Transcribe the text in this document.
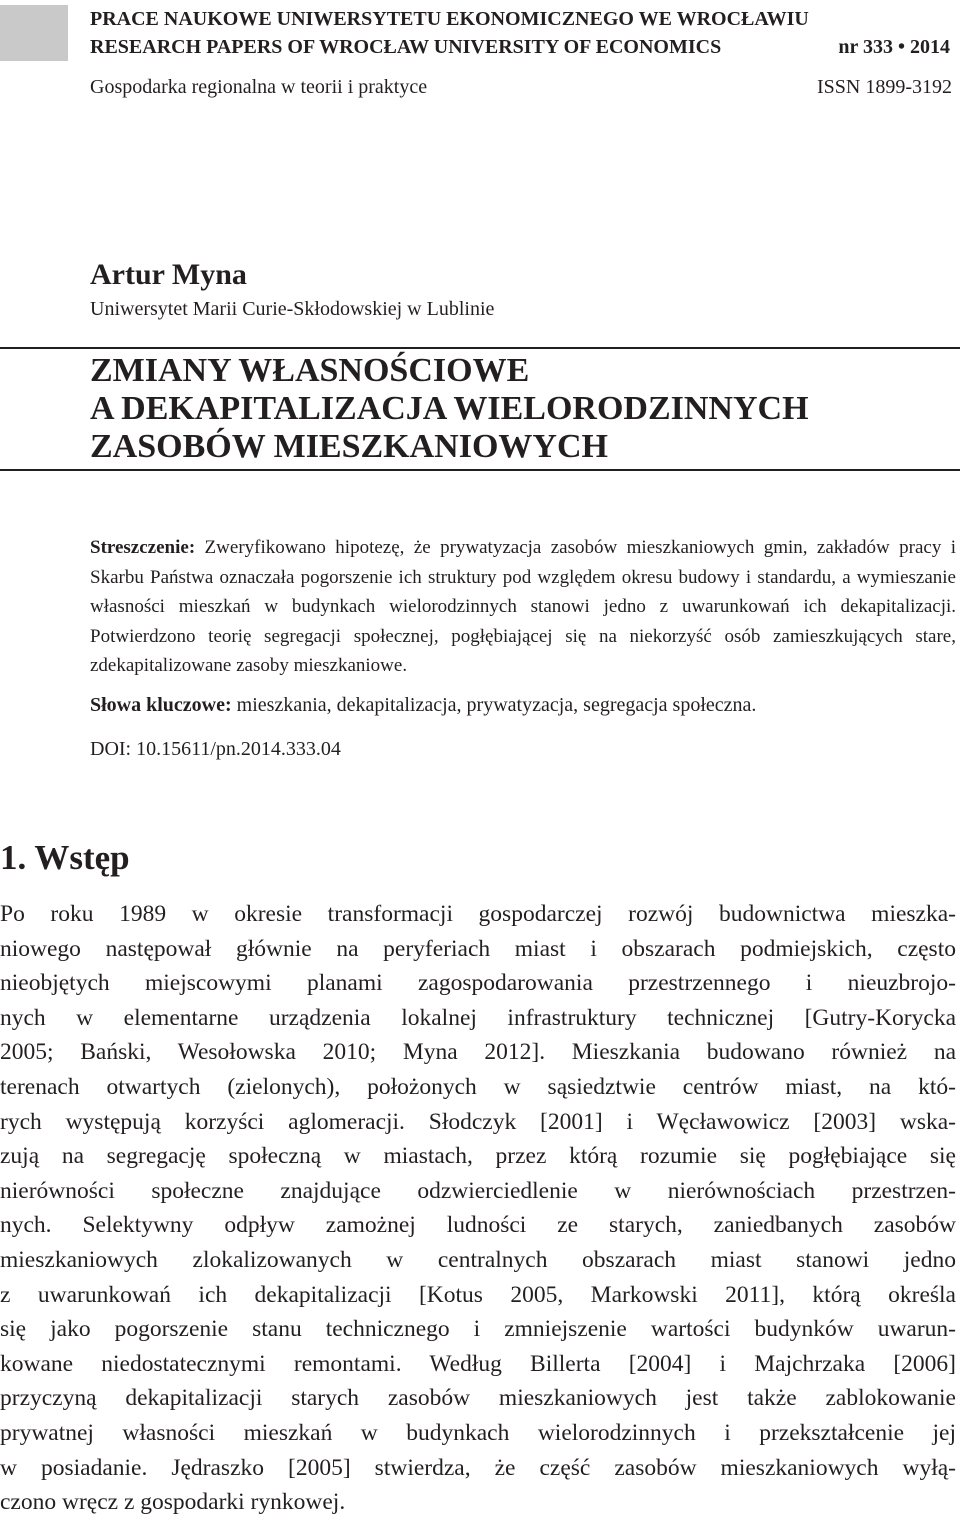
PRACE NAUKOWE UNIWERSYTETU EKONOMICZNEGO WE WROCŁAWIU
RESEARCH PAPERS OF WROCŁAW UNIVERSITY OF ECONOMICS	nr 333 • 2014
Gospodarka regionalna w teorii i praktyce	ISSN 1899-3192
Artur Myna
Uniwersytet Marii Curie-Skłodowskiej w Lublinie
ZMIANY WŁASNOŚCIOWE
A DEKAPITALIZACJA WIELORODZINNYCH
ZASOBÓW MIESZKANIOWYCH

Streszczenie: Zweryfikowano hipotezę, że prywatyzacja zasobów mieszkaniowych gmin, zakładów pracy i Skarbu Państwa oznaczała pogorszenie ich struktury pod względem okresu budowy i standardu, a wymieszanie własności mieszkań w budynkach wielorodzinnych stanowi jedno z uwarunkowań ich dekapitalizacji. Potwierdzono teorię segregacji społecznej, pogłębiającej się na niekorzyść osób zamieszkujących stare, zdekapitalizowane zasoby mieszkaniowe.

Słowa kluczowe: mieszkania, dekapitalizacja, prywatyzacja, segregacja społeczna.
DOI: 10.15611/pn.2014.333.04
1. Wstęp
Po roku 1989 w okresie transformacji gospodarczej rozwój budownictwa mieszka-
niowego następował głównie na peryferiach miast i obszarach podmiejskich, często
nieobjętych miejscowymi planami zagospodarowania przestrzennego i nieuzbrojo-
nych w elementarne urządzenia lokalnej infrastruktury technicznej [Gutry-Korycka
2005; Bański, Wesołowska 2010; Myna 2012]. Mieszkania budowano również na
terenach otwartych (zielonych), położonych w sąsiedztwie centrów miast, na któ-
rych występują korzyści aglomeracji. Słodczyk [2001] i Węcławowicz [2003] wska-
zują na segregację społeczną w miastach, przez którą rozumie się pogłębiające się
nierówności społeczne znajdujące odzwierciedlenie w nierównościach przestrzen-
nych. Selektywny odpływ zamożnej ludności ze starych, zaniedbanych zasobów
mieszkaniowych zlokalizowanych w centralnych obszarach miast stanowi jedno
z uwarunkowań ich dekapitalizacji [Kotus 2005, Markowski 2011], którą określa
się jako pogorszenie stanu technicznego i zmniejszenie wartości budynków uwarun-
kowane niedostatecznymi remontami. Według Billerta [2004] i Majchrzaka [2006]
przyczyną dekapitalizacji starych zasobów mieszkaniowych jest także zablokowanie
prywatnej własności mieszkań w budynkach wielorodzinnych i przekształcenie jej
w posiadanie. Jędraszko [2005] stwierdza, że część zasobów mieszkaniowych wyłą-
czono wręcz z gospodarki rynkowej.
